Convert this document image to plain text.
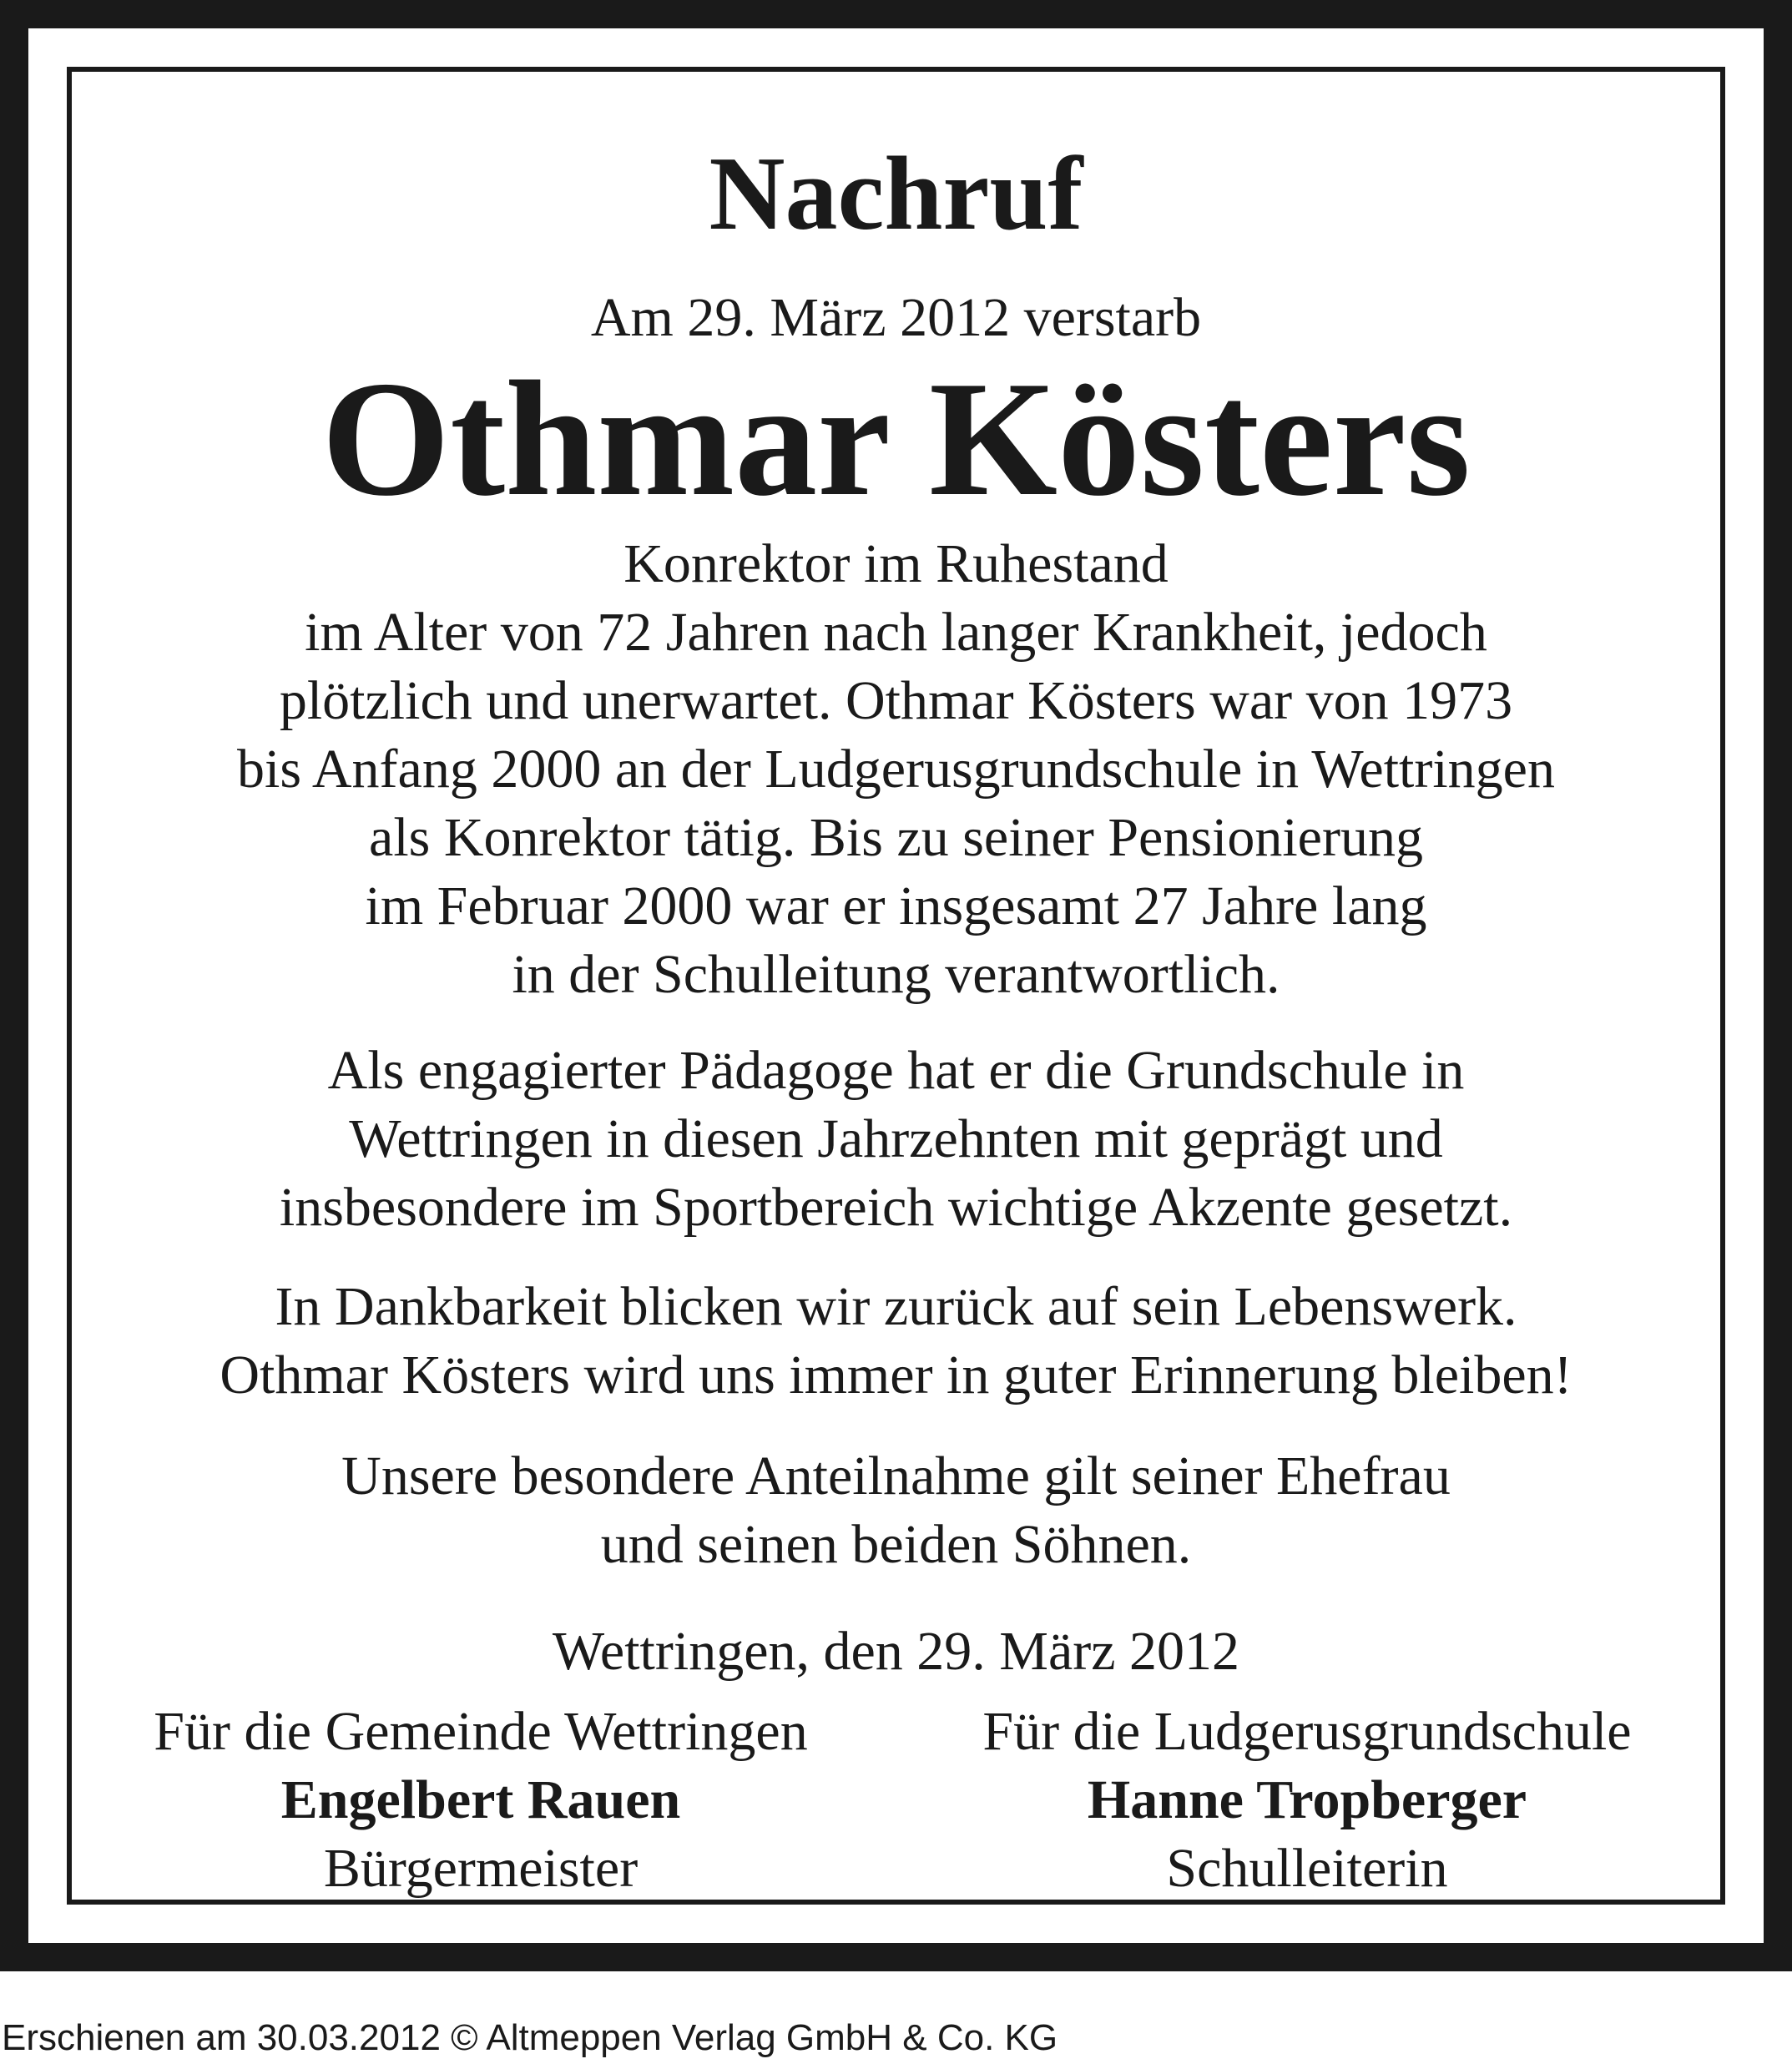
Nachruf
Am 29. März 2012 verstarb
Othmar Kösters
Konrektor im Ruhestand
im Alter von 72 Jahren nach langer Krankheit, jedoch
plötzlich und unerwartet. Othmar Kösters war von 1973
bis Anfang 2000 an der Ludgerusgrundschule in Wettringen
als Konrektor tätig. Bis zu seiner Pensionierung
im Februar 2000 war er insgesamt 27 Jahre lang
in der Schulleitung verantwortlich.
Als engagierter Pädagoge hat er die Grundschule in
Wettringen in diesen Jahrzehnten mit geprägt und
insbesondere im Sportbereich wichtige Akzente gesetzt.
In Dankbarkeit blicken wir zurück auf sein Lebenswerk.
Othmar Kösters wird uns immer in guter Erinnerung bleiben!
Unsere besondere Anteilnahme gilt seiner Ehefrau
und seinen beiden Söhnen.
Wettringen, den 29. März 2012
Für die Gemeinde Wettringen
Engelbert Rauen
Bürgermeister
Für die Ludgerusgrundschule
Hanne Tropberger
Schulleiterin
Erschienen am 30.03.2012 © Altmeppen Verlag GmbH & Co. KG
